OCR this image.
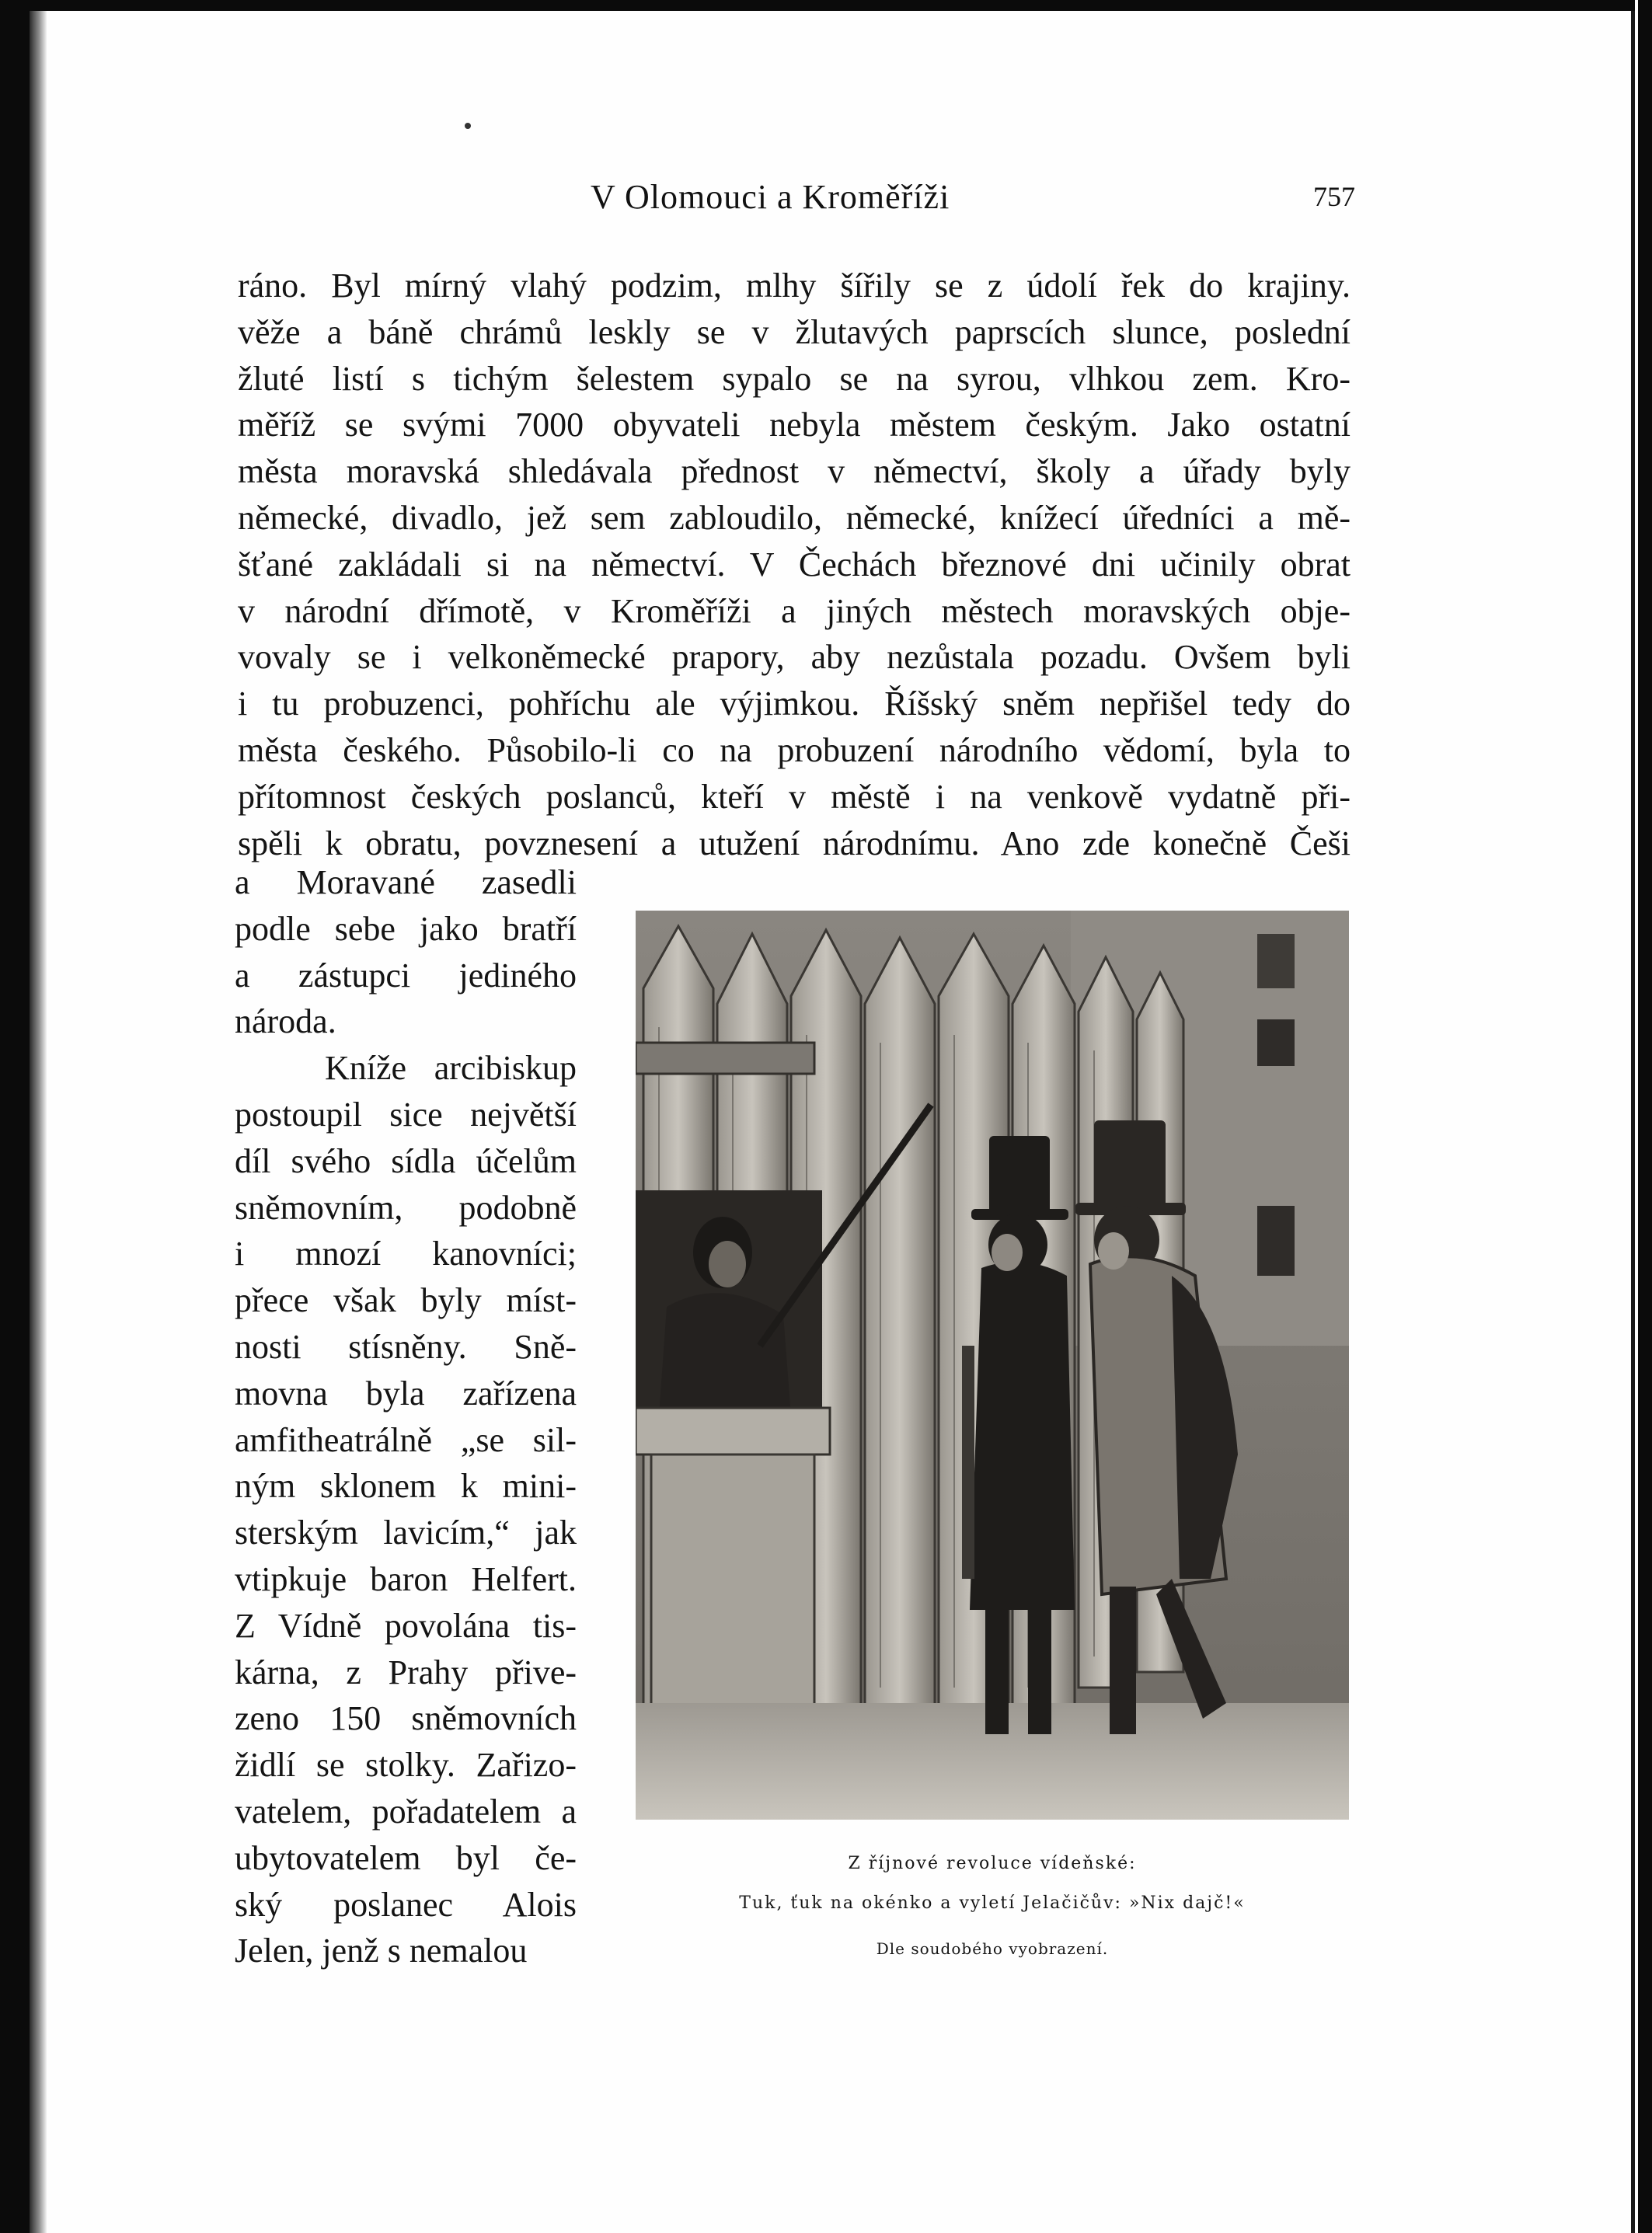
V Olomouci a Kroměříži	757

ráno. Byl mírný vlahý podzim, mlhy šířily se z údolí řek do krajiny.

věže a báně chrámů leskly se v žlutavých paprscích slunce, poslední

žluté listí s tichým šelestem sypalo se na syrou, vlhkou zem. Kro-

měříž se svými 7000 obyvateli nebyla městem českým. Jako ostatní

města moravská shledávala přednost v němectví, školy a úřady byly

německé, divadlo, jež sem zabloudilo, německé, knížecí úředníci a mě-

šťané zakládali si na němectví. V Čechách březnové dni učinily obrat

v národní dřímotě, v Kroměříži a jiných městech moravských obje-

vovaly se i velkoněmecké prapory, aby nezůstala pozadu. Ovšem byli

i tu probuzenci, pohříchu ale výjimkou. Říšský sněm nepřišel tedy do

města českého. Působilo-li co na probuzení národního vědomí, byla to

přítomnost českých poslanců, kteří v městě i na venkově vydatně při-

spěli k obratu, povznesení a utužení národnímu. Ano zde konečně Češi

a Moravané zasedli

podle sebe jako bratří

a zástupci jediného

národa.

Kníže arcibiskup

postoupil sice největší

díl svého sídla účelům

sněmovním, podobně

i mnozí kanovníci;

přece však byly míst-

nosti stísněny. Sně-

movna byla zařízena

amfitheatrálně „se sil-

ným sklonem k mini-

sterským lavicím,“ jak

vtipkuje baron Helfert.

Z Vídně povolána tis-

kárna, z Prahy přive-

zeno 150 sněmovních

židlí se stolky. Zařizo-

vatelem, pořadatelem a

ubytovatelem byl če-

ský poslanec Alois

Jelen, jenž s nemalou

Z říjnové revoluce vídeňské:
Tuk, ťuk na okénko a vyletí Jelačičův: »Nix dajč!«
Dle soudobého vyobrazení.
